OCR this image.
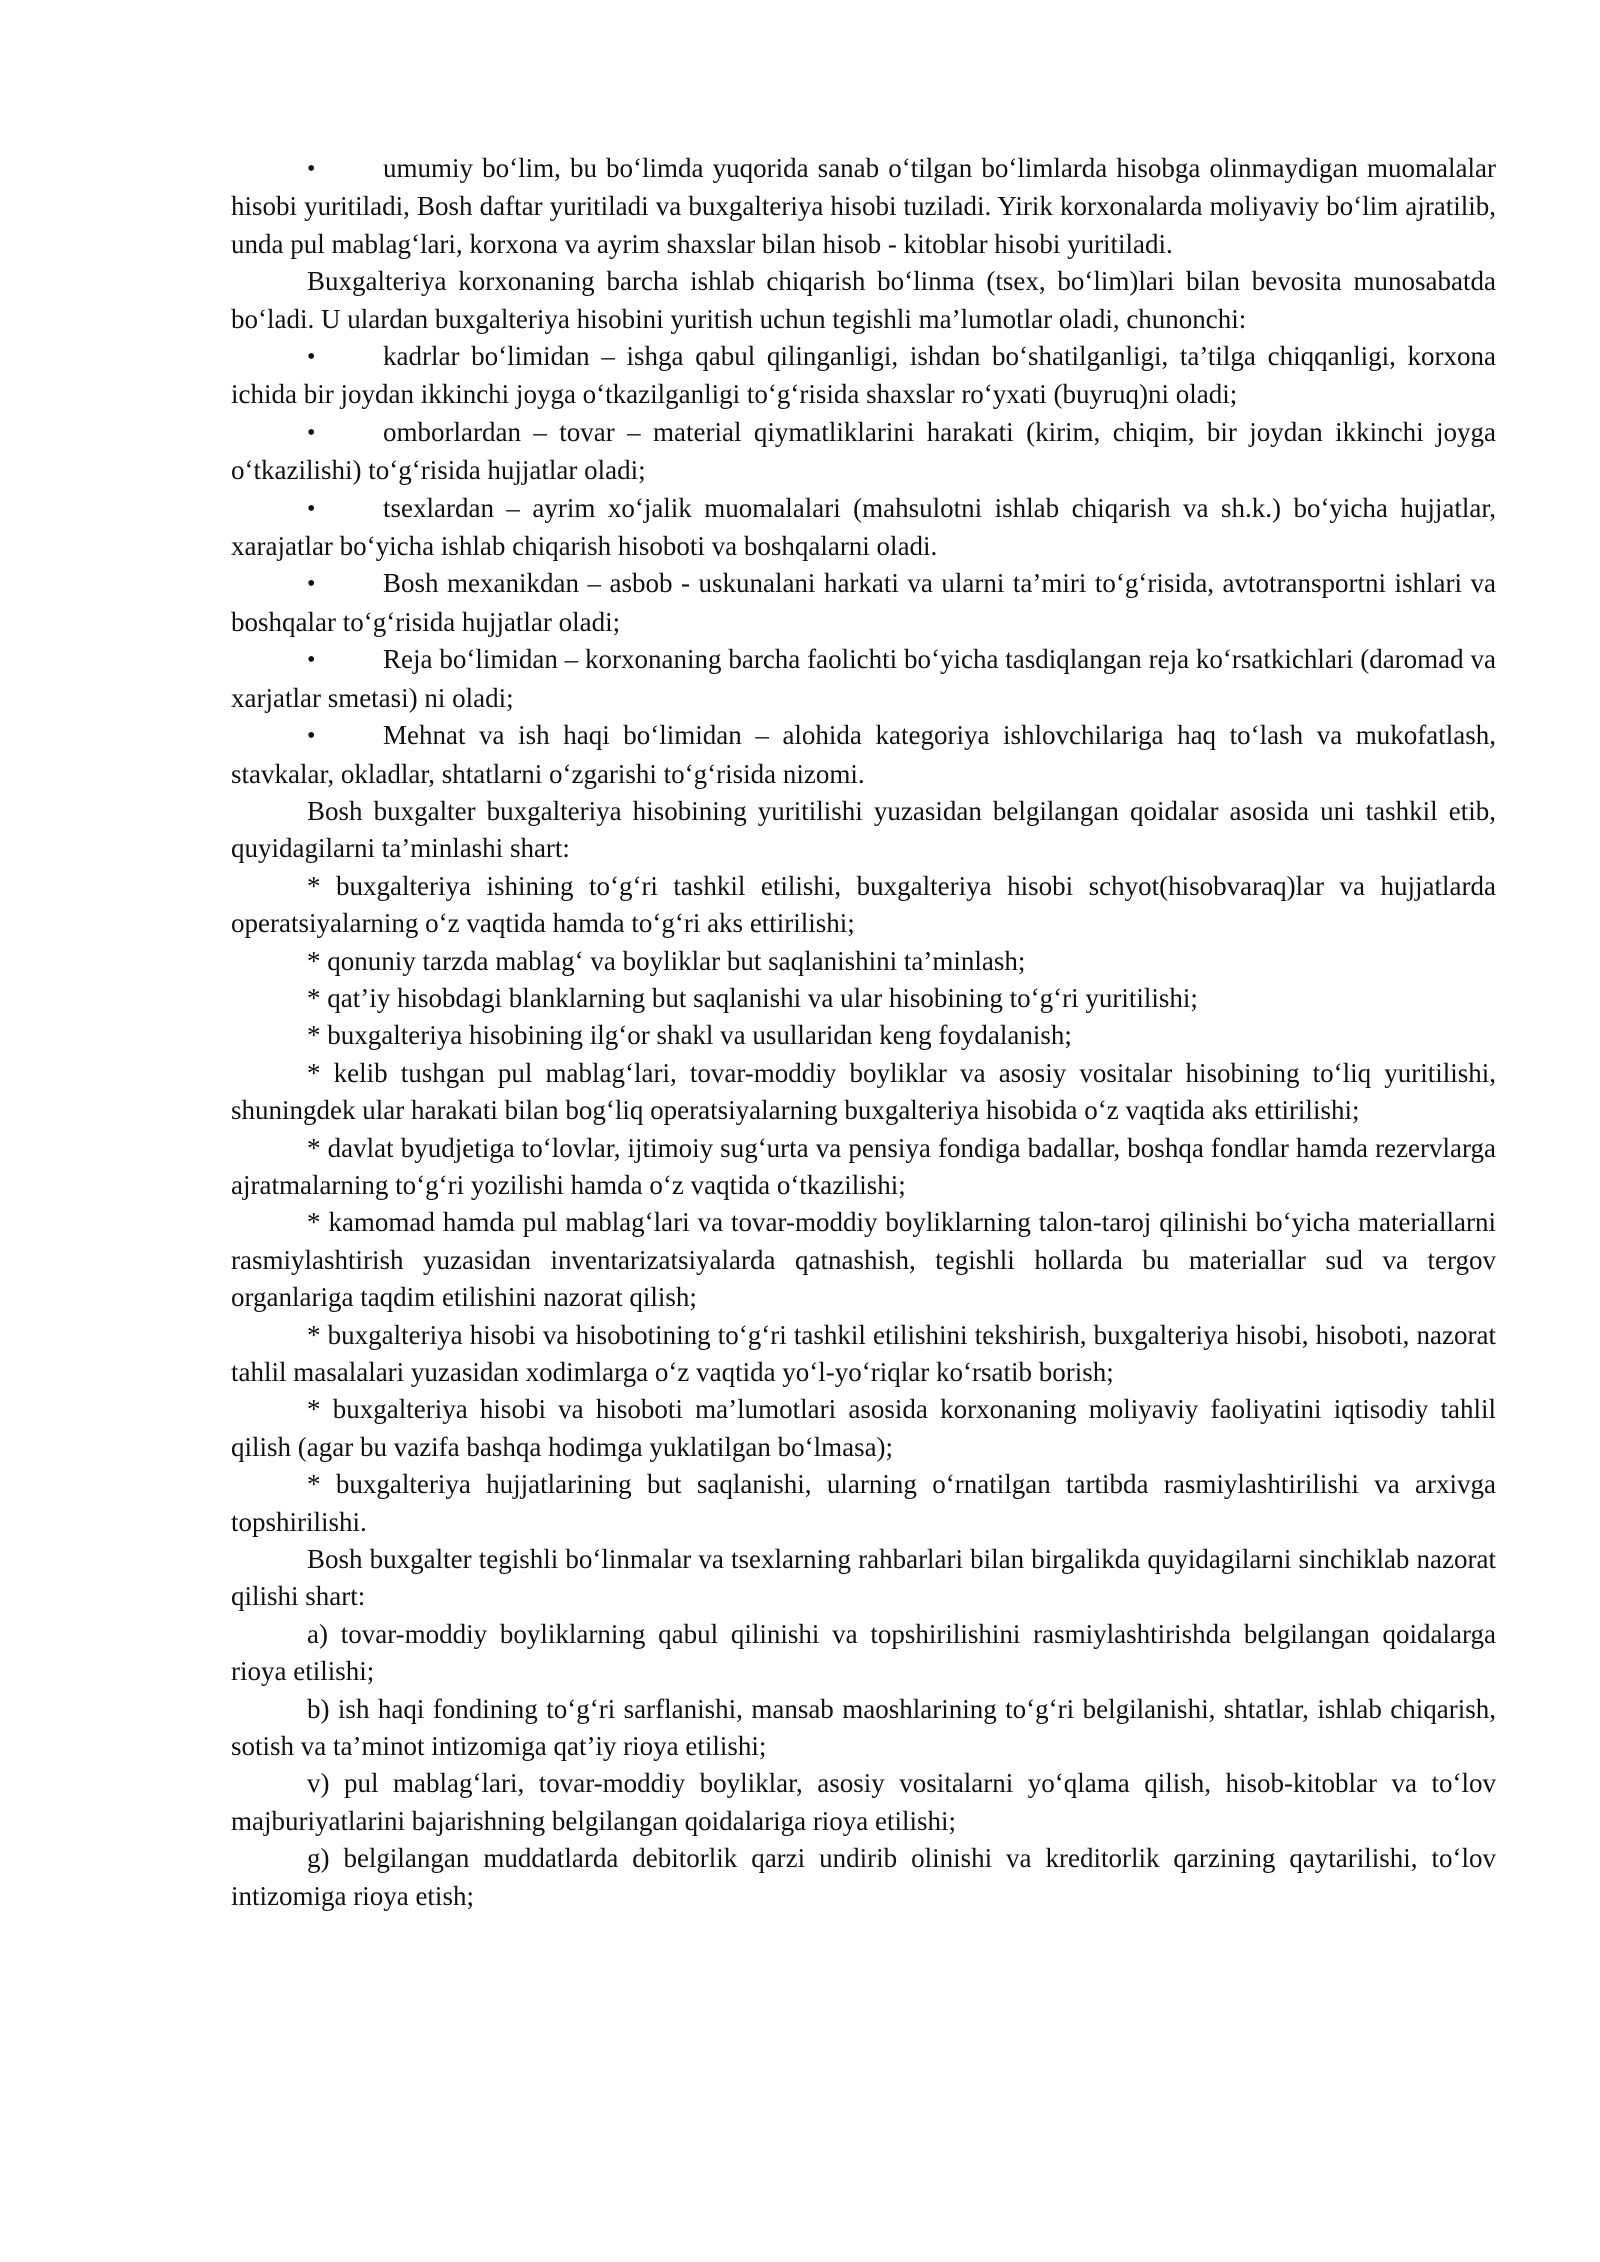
•	umumiy bo‘lim, bu bo‘limda yuqorida sanab o‘tilgan bo‘limlarda hisobga olinmaydigan muomalalar hisobi yuritiladi, Bosh daftar yuritiladi va buxgalteriya hisobi tuziladi. Yirik korxonalarda moliyaviy bo‘lim ajratilib, unda pul mablag‘lari, korxona va ayrim shaxslar bilan hisob - kitoblar hisobi yuritiladi.

Buxgalteriya korxonaning barcha ishlab chiqarish bo‘linma (tsex, bo‘lim)lari bilan bevosita munosabatda bo‘ladi. U ulardan buxgalteriya hisobini yuritish uchun tegishli ma’lumotlar oladi, chunonchi:

•	kadrlar bo‘limidan – ishga qabul qilinganligi, ishdan bo‘shatilganligi, ta’tilga chiqqanligi, korxona ichida bir joydan ikkinchi joyga o‘tkazilganligi to‘g‘risida shaxslar ro‘yxati (buyruq)ni oladi;

•	omborlardan – tovar – material qiymatliklarini harakati (kirim, chiqim, bir joydan ikkinchi joyga o‘tkazilishi) to‘g‘risida hujjatlar oladi;

•	tsexlardan – ayrim xo‘jalik muomalalari (mahsulotni ishlab chiqarish va sh.k.) bo‘yicha hujjatlar, xarajatlar bo‘yicha ishlab chiqarish hisoboti va boshqalarni oladi.

•	Bosh mexanikdan – asbob - uskunalani harkati va ularni ta’miri to‘g‘risida, avtotransportni ishlari va boshqalar to‘g‘risida hujjatlar oladi;

•	Reja bo‘limidan – korxonaning barcha faolichti bo‘yicha tasdiqlangan reja ko‘rsatkichlari (daromad va xarjatlar smetasi) ni oladi;

•	Mehnat va ish haqi bo‘limidan – alohida kategoriya ishlovchilariga haq to‘lash va mukofatlash, stavkalar, okladlar, shtatlarni o‘zgarishi to‘g‘risida nizomi.

Bosh buxgalter buxgalteriya hisobining yuritilishi yuzasidan belgilangan qoidalar asosida uni tashkil etib, quyidagilarni ta’minlashi shart:

* buxgalteriya ishining to‘g‘ri tashkil etilishi, buxgalteriya hisobi schyot(hisobvaraq)lar va hujjatlarda operatsiyalarning o‘z vaqtida hamda to‘g‘ri aks ettirilishi;

* qonuniy tarzda mablag‘ va boyliklar but saqlanishini ta’minlash;

* qat’iy hisobdagi blanklarning but saqlanishi va ular hisobining to‘g‘ri yuritilishi;

* buxgalteriya hisobining ilg‘or shakl va usullaridan keng foydalanish;

* kelib tushgan pul mablag‘lari, tovar-moddiy boyliklar va asosiy vositalar hisobining to‘liq yuritilishi, shuningdek ular harakati bilan bog‘liq operatsiyalarning buxgalteriya hisobida o‘z vaqtida aks ettirilishi;

* davlat byudjetiga to‘lovlar, ijtimoiy sug‘urta va pensiya fondiga badallar, boshqa fondlar hamda rezervlarga ajratmalarning to‘g‘ri yozilishi hamda o‘z vaqtida o‘tkazilishi;

* kamomad hamda pul mablag‘lari va tovar-moddiy boyliklarning talon-taroj qilinishi bo‘yicha materiallarni rasmiylashtirish yuzasidan inventarizatsiyalarda qatnashish, tegishli hollarda bu materiallar sud va tergov organlariga taqdim etilishini nazorat qilish;

* buxgalteriya hisobi va hisobotining to‘g‘ri tashkil etilishini tekshirish, buxgalteriya hisobi, hisoboti, nazorat tahlil masalalari yuzasidan xodimlarga o‘z vaqtida yo‘l-yo‘riqlar ko‘rsatib borish;

* buxgalteriya hisobi va hisoboti ma’lumotlari asosida korxonaning moliyaviy faoliyatini iqtisodiy tahlil qilish (agar bu vazifa bashqa hodimga yuklatilgan bo‘lmasa);

* buxgalteriya hujjatlarining but saqlanishi, ularning o‘rnatilgan tartibda rasmiylashtirilishi va arxivga topshirilishi.

Bosh buxgalter tegishli bo‘linmalar va tsexlarning rahbarlari bilan birgalikda quyidagilarni sinchiklab nazorat qilishi shart:

a) tovar-moddiy boyliklarning qabul qilinishi va topshirilishini rasmiylashtirishda belgilangan qoidalarga rioya etilishi;

b) ish haqi fondining to‘g‘ri sarflanishi, mansab maoshlarining to‘g‘ri belgilanishi, shtatlar, ishlab chiqarish, sotish va ta’minot intizomiga qat’iy rioya etilishi;

v) pul mablag‘lari, tovar-moddiy boyliklar, asosiy vositalarni yo‘qlama qilish, hisob-kitoblar va to‘lov majburiyatlarini bajarishning belgilangan qoidalariga rioya etilishi;

g) belgilangan muddatlarda debitorlik qarzi undirib olinishi va kreditorlik qarzining qaytarilishi, to‘lov intizomiga rioya etish;
